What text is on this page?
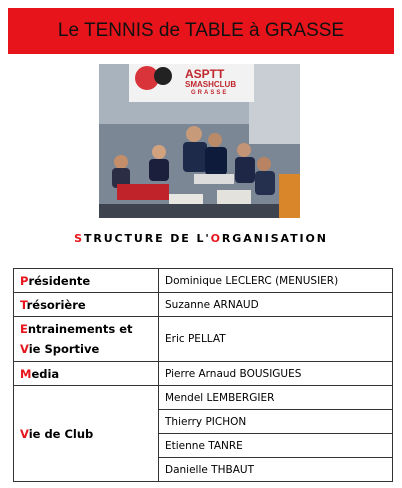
Le TENNIS de TABLE à GRASSE
ASPTT
SMASHCLUB
GRASSE
STRUCTURE DE L'ORGANISATION
Présidente	Dominique LECLERC (MENUSIER)
Trésorière	Suzanne ARNAUD

Entrainements et
Vie Sportive	Eric PELLAT
Media	Pierre Arnaud BOUSIGUES
Vie de Club	Mendel LEMBERGIER
	Thierry PICHON
	Etienne TANRE
	Danielle THBAUT
